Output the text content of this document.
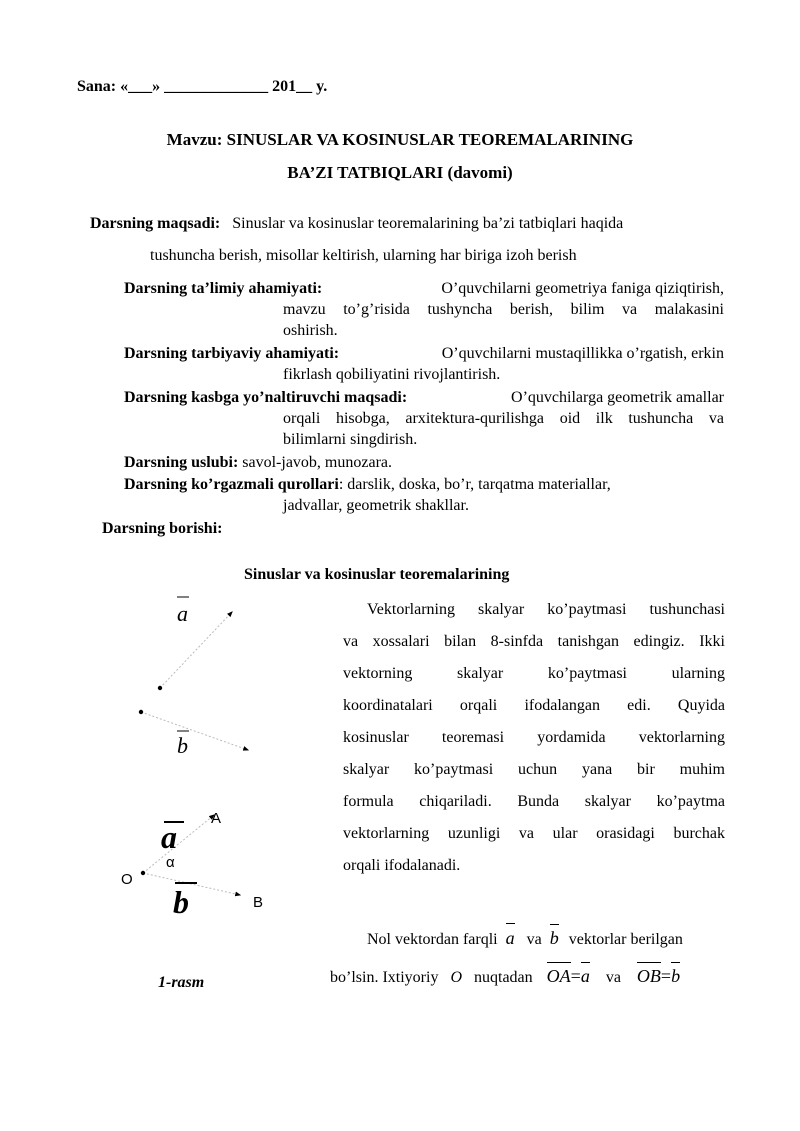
Sana: «___» _____________ 201__ y.
Mavzu: SINUSLAR VA KOSINUSLAR TEOREMALARINING
BA’ZI TATBIQLARI (davomi)
Darsning maqsadi: Sinuslar va kosinuslar teoremalarining ba’zi tatbiqlari haqida
tushuncha berish, misollar keltirish, ularning har biriga izoh berish
Darsning ta’limiy ahamiyati:	O’quvchilarni geometriya faniga qiziqtirish,
mavzu to’g’risida tushyncha berish, bilim va malakasini
oshirish.
Darsning tarbiyaviy ahamiyati:	O’quvchilarni mustaqillikka o’rgatish, erkin
fikrlash qobiliyatini rivojlantirish.
Darsning kasbga yo’naltiruvchi maqsadi:	O’quvchilarga geometrik amallar
orqali hisobga, arxitektura-qurilishga oid ilk tushuncha va
bilimlarni singdirish.
Darsning uslubi: savol-javob, munozara.
Darsning ko’rgazmali qurollari: darslik, doska, bo’r, tarqatma materiallar,
jadvallar, geometrik shakllar.
Darsning borishi:
Sinuslar va kosinuslar teoremalarining
Vektorlarning skalyar ko’paytmasi tushunchasi
va xossalari bilan 8-sinfda tanishgan edingiz. Ikki
vektorning skalyar ko’paytmasi ularning
koordinatalari orqali ifodalangan edi. Quyida
kosinuslar teoremasi yordamida vektorlarning
skalyar ko’paytmasi uchun yana bir muhim
formula chiqariladi. Bunda skalyar ko’paytma
vektorlarning uzunligi va ular orasidagi burchak
orqali ifodalanadi.
Nol vektordan farqli a va b vektorlar berilgan
bo’lsin. Ixtiyoriy O nuqtadan OA=
a va OB=
b
a
b
a
b
A
B
O
α
1-rasm
